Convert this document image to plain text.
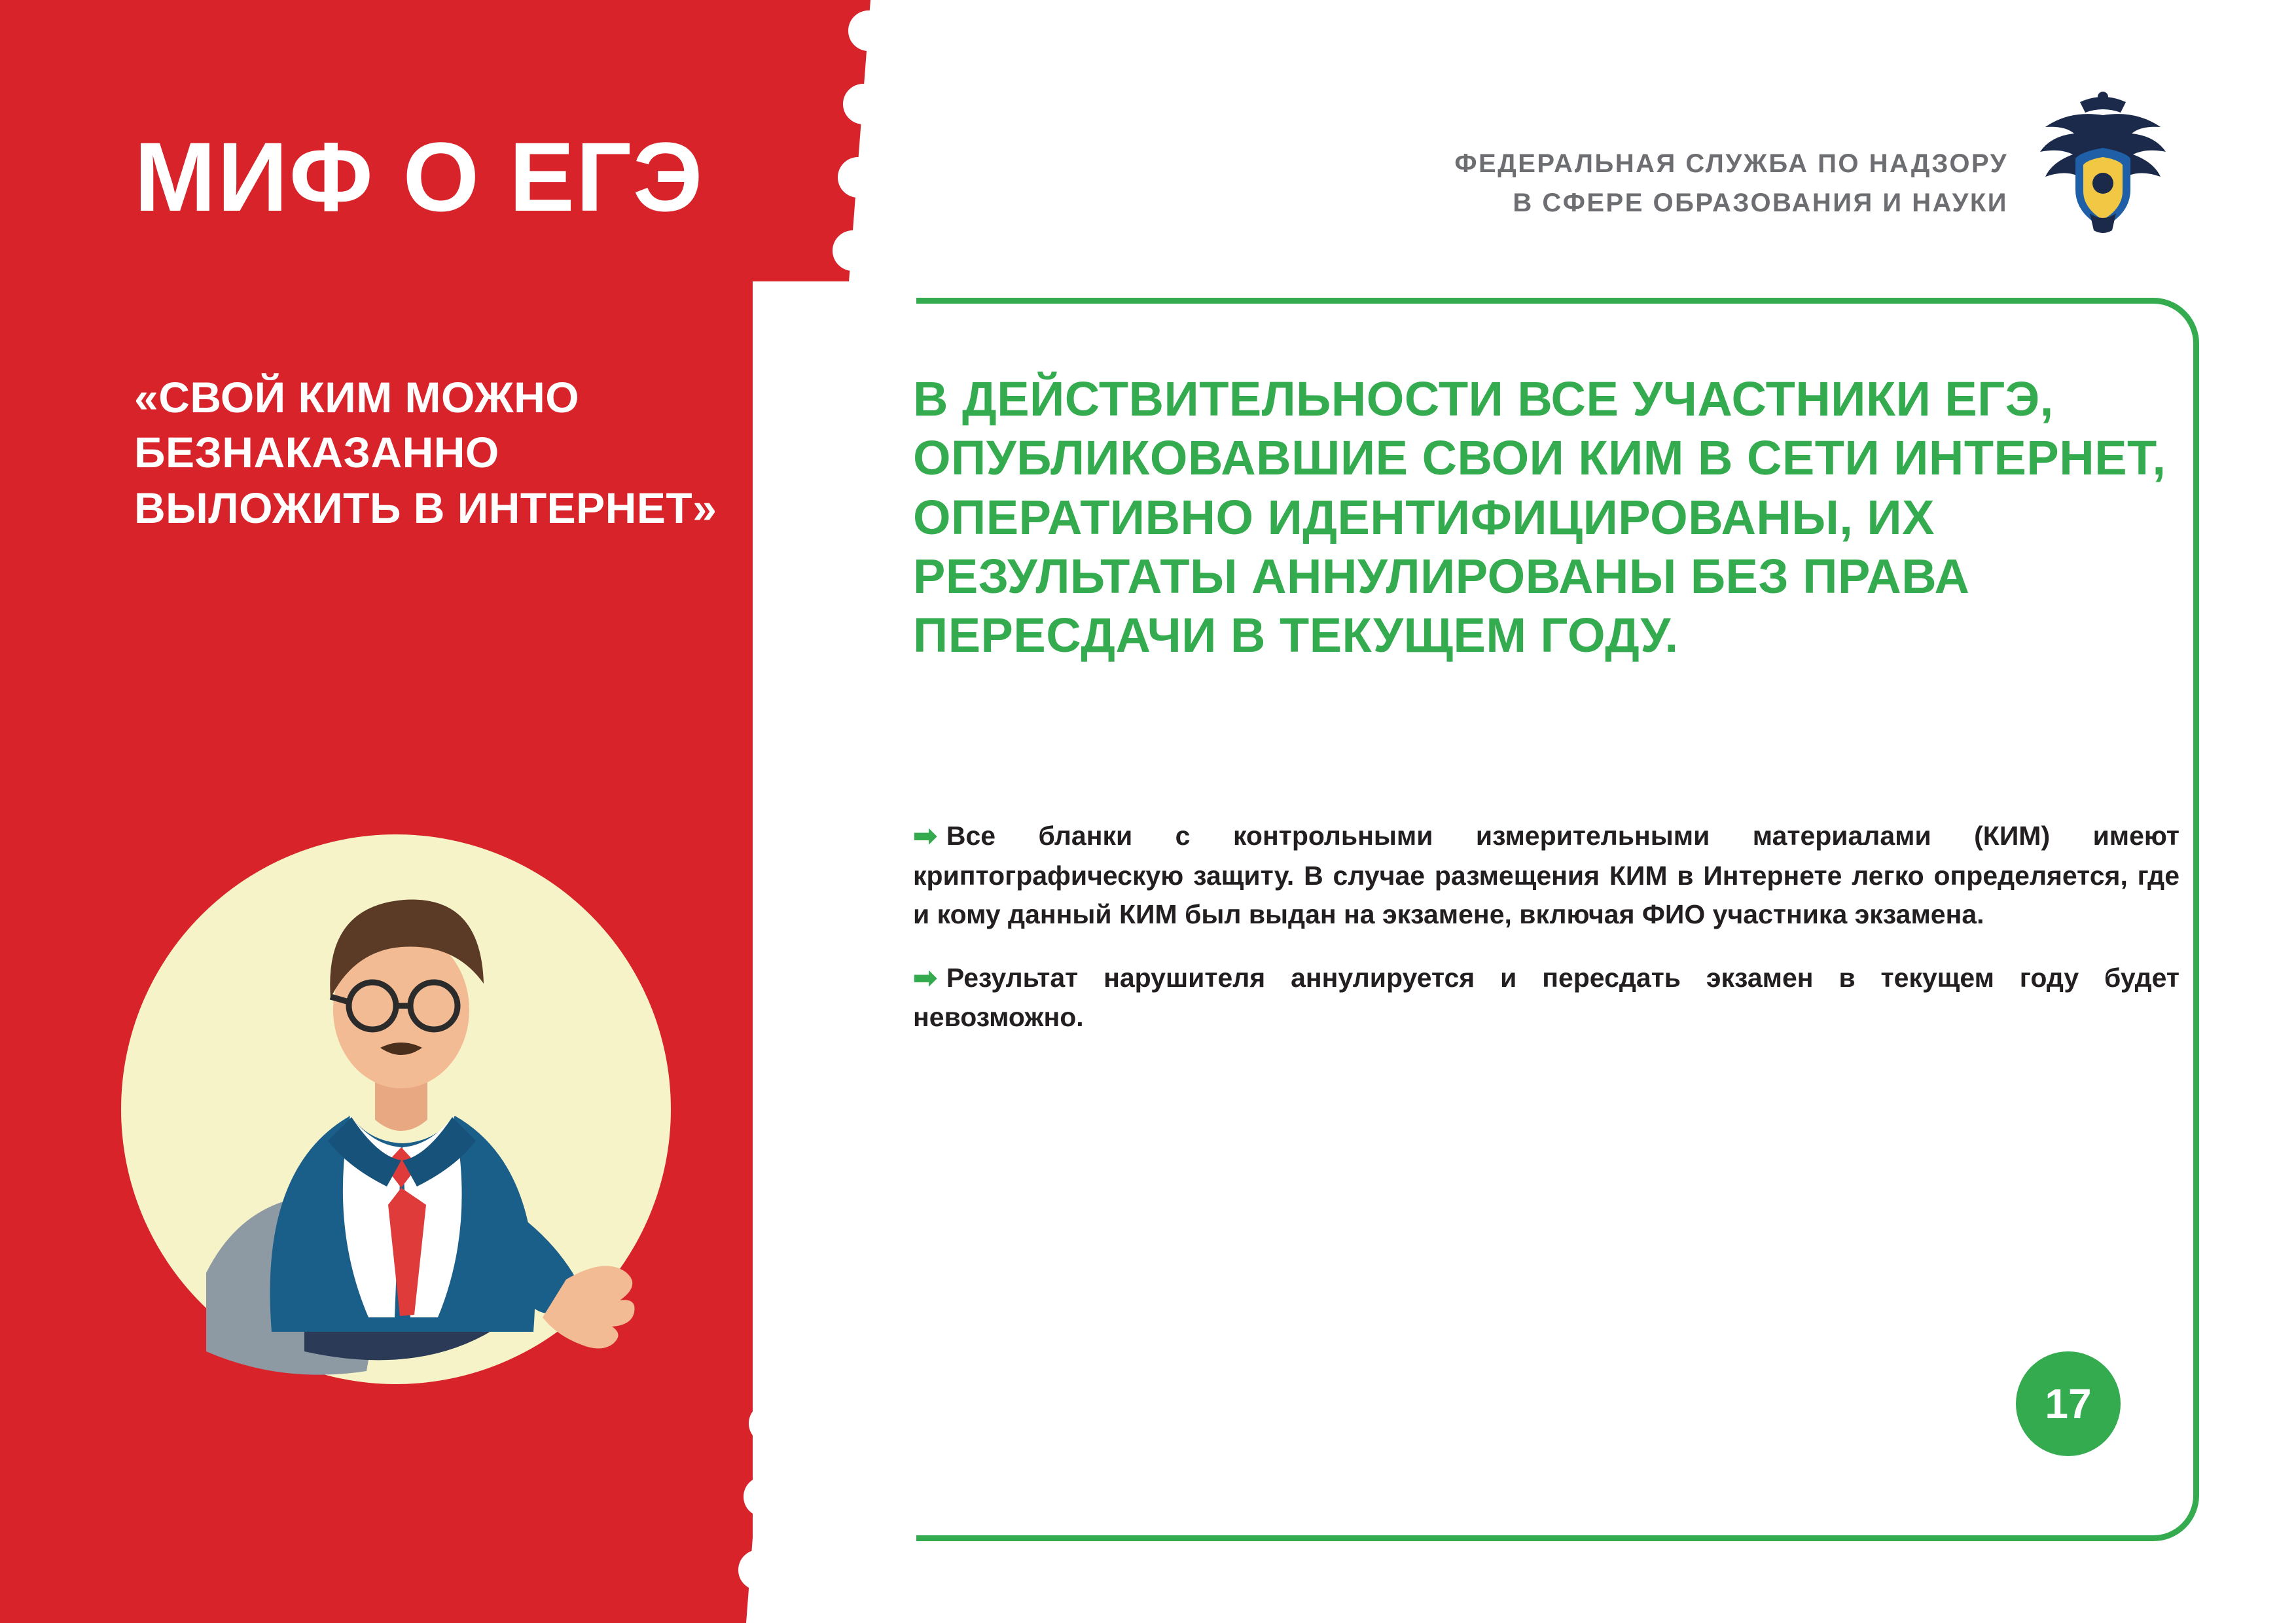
МИФ О ЕГЭ
«СВОЙ КИМ МОЖНО БЕЗНАКАЗАННО ВЫЛОЖИТЬ В ИНТЕРНЕТ»
ФЕДЕРАЛЬНАЯ СЛУЖБА ПО НАДЗОРУ
В СФЕРЕ ОБРАЗОВАНИЯ И НАУКИ
В ДЕЙСТВИТЕЛЬНОСТИ ВСЕ УЧАСТНИКИ ЕГЭ, ОПУБЛИКОВАВШИЕ СВОИ КИМ В СЕТИ ИНТЕРНЕТ, ОПЕРАТИВНО ИДЕНТИФИЦИРОВАНЫ, ИХ РЕЗУЛЬТАТЫ АННУЛИРОВАНЫ БЕЗ ПРАВА ПЕРЕСДАЧИ В ТЕКУЩЕМ ГОДУ.
➡ Все бланки с контрольными измерительными материалами (КИМ) имеют криптографическую защиту. В случае размещения КИМ в Интернете легко определяется, где и кому данный КИМ был выдан на экзамене, включая ФИО участника экзамена.
➡ Результат нарушителя аннулируется и пересдать экзамен в текущем году будет невозможно.
17
